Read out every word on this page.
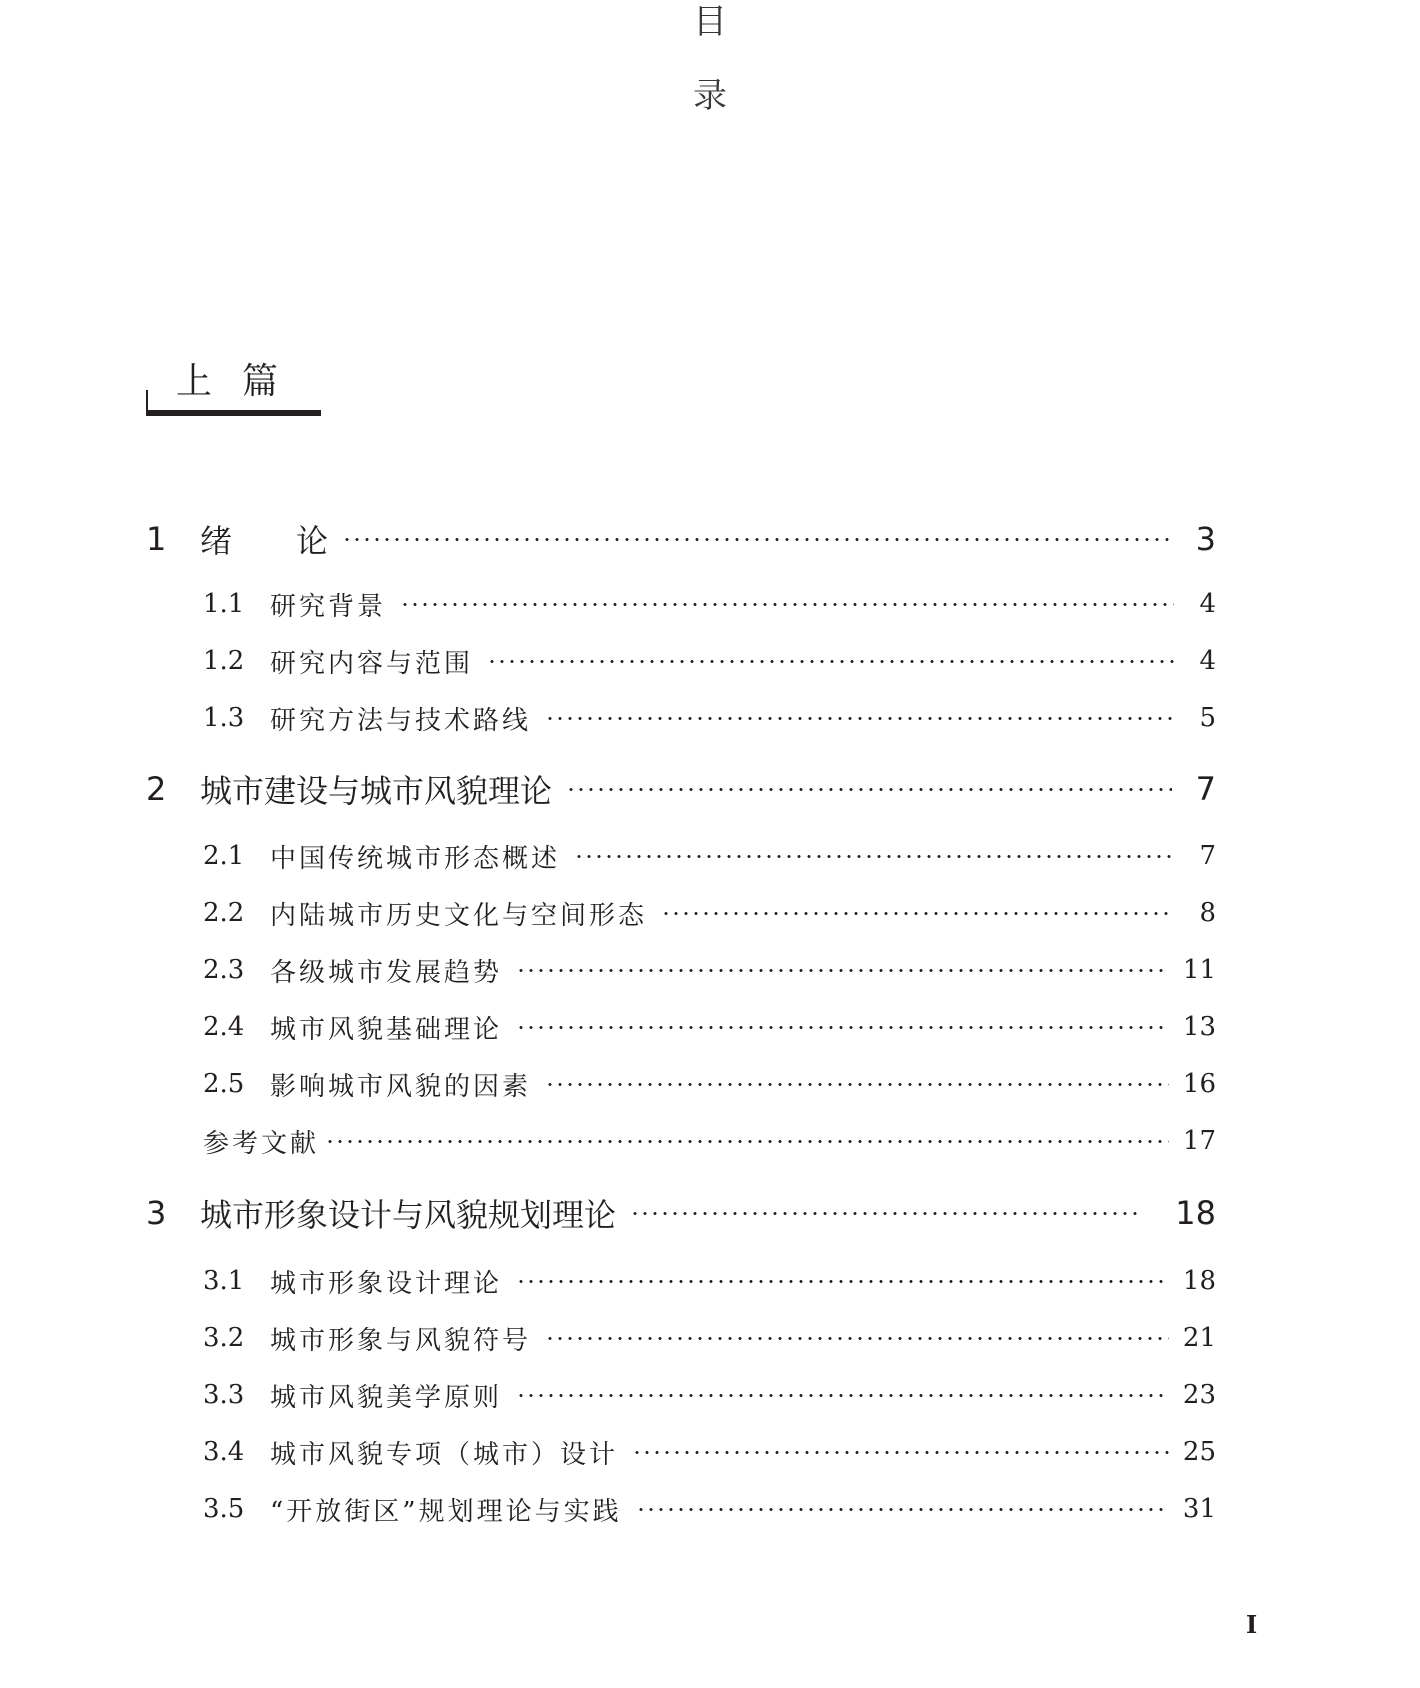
目
录
上篇
1	绪　　论	3
1.1 研究背景	4
1.2 研究内容与范围	4
1.3 研究方法与技术路线	5
2	城市建设与城市风貌理论	7
2.1 中国传统城市形态概述	7
2.2 内陆城市历史文化与空间形态	8
2.3 各级城市发展趋势	11
2.4 城市风貌基础理论	13
2.5 影响城市风貌的因素	16
参考文献	17
3	城市形象设计与风貌规划理论	18
3.1 城市形象设计理论	18
3.2 城市形象与风貌符号	21
3.3 城市风貌美学原则	23
3.4 城市风貌专项（城市）设计	25
3.5 “开放街区”规划理论与实践	31
I
